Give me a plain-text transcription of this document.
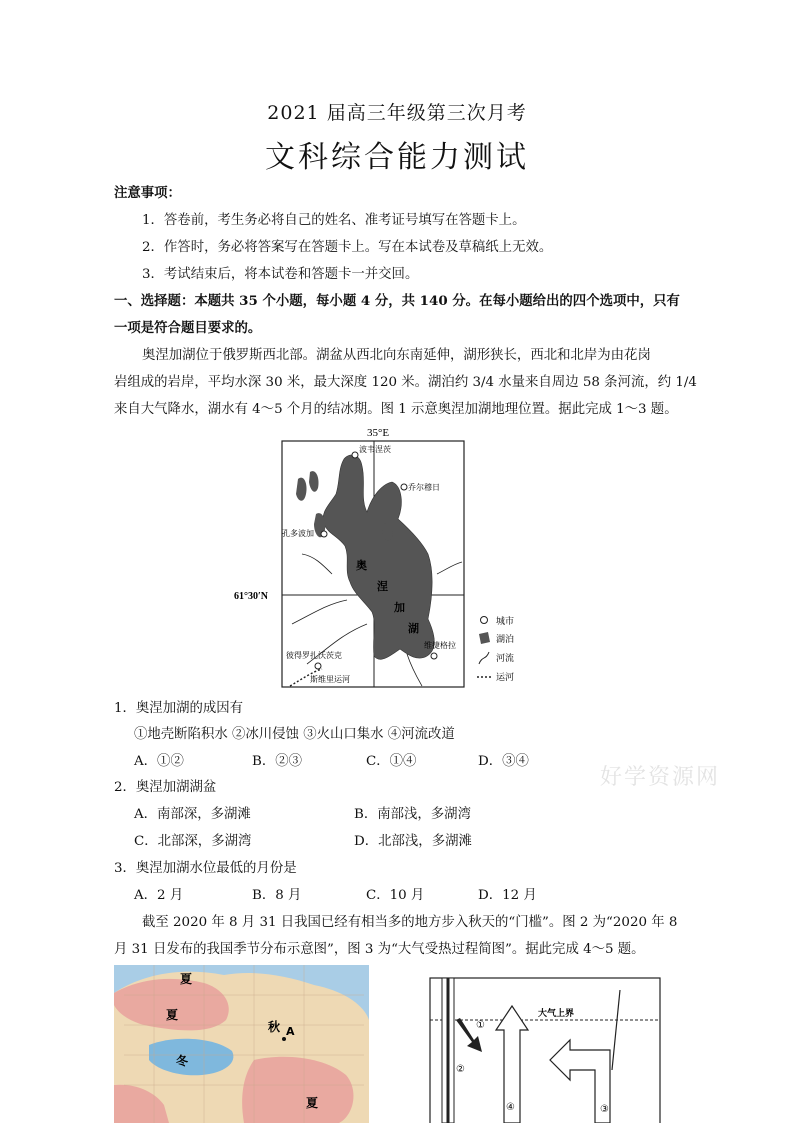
2021 届高三年级第三次月考
文科综合能力测试
注意事项：
1．答卷前，考生务必将自己的姓名、准考证号填写在答题卡上。
2．作答时，务必将答案写在答题卡上。写在本试卷及草稿纸上无效。
3．考试结束后，将本试卷和答题卡一并交回。
一、选择题：本题共 35 个小题，每小题 4 分，共 140 分。在每小题给出的四个选项中，只有
一项是符合题目要求的。
奥涅加湖位于俄罗斯西北部。湖盆从西北向东南延伸，湖形狭长，西北和北岸为由花岗
岩组成的岩岸，平均水深 30 米，最大深度 120 米。湖泊约 3/4 水量来自周边 58 条河流，约 1/4
来自大气降水，湖水有 4～5 个月的结冰期。图 1 示意奥涅加湖地理位置。据此完成 1～3 题。
35°E
61°30′N
波韦涅茨
乔尔穆日
孔多波加
彼得罗扎沃茨克
维捷格拉
斯维里运河
奥
涅
加
湖	城市
湖泊
河流
运河
1．奥涅加湖的成因有
①地壳断陷积水 ②冰川侵蚀 ③火山口集水 ④河流改道
A．①②	B．②③	C．①④	D．③④
2．奥涅加湖湖盆
A．南部深，多湖滩	B．南部浅，多湖湾
C．北部深，多湖湾	D．北部浅，多湖滩
3．奥涅加湖水位最低的月份是
A．2 月	B．8 月	C．10 月	D．12 月
截至 2020 年 8 月 31 日我国已经有相当多的地方步入秋天的“门槛”。图 2 为“2020 年 8
月 31 日发布的我国季节分布示意图”，图 3 为“大气受热过程简图”。据此完成 4～5 题。
好学资源网
夏
夏
秋 A
冬
夏
大气上界
①
②
④	③
